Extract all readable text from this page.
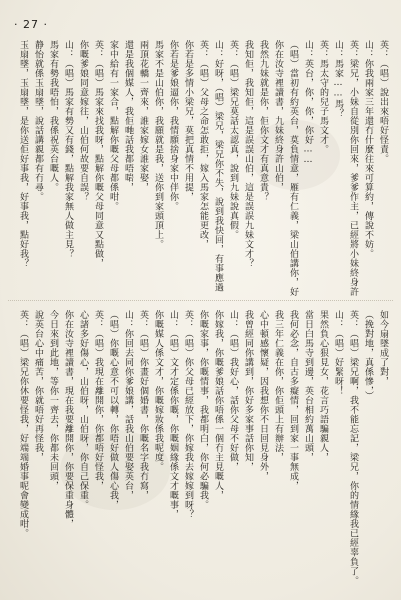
· 27 ·
英：（唱）說出來唔好怪責。
山：你我兩家三年還冇什麼往來可算約，傳說不妨。
英：梁兄，小妹自從別你回來，爹爹作主，已經將小妹終身許
山：馬家……馬？
英：馬太守的兒子馬文才。
山：英台，你，你，你好……
（唱）當初有約英台，莫負情意，雁有仁義，梁山伯講你，好
你在汝寺裡讀書，九妹終身許山伯，
我然九妹就是你，佢你文才有真意貴？
我知佢，我知佢，這是誤誤山伯，這是誤誤九妹文才？
英：（唱）梁兄莫話太認真，說到九妹說真假。
山：好呀，（唱）梁兄，梁兄你不失，說到我快回，有事應過
英：（唱）父母之命怎敢拒，嫁入馬家怎能更改，
你若是多情小梁兄，莫把真情不用提，
你若是爹娘逼你，我情願捨身家中伴你。
馬家不是山伯你，我願就是我，送你到家頭頂上。
兩頂花轎一齊來，誰家嫁女誰家娶，
還是我個媒人，我佢哋話我都唔啱，
家中給有一家合，點解你嘅父母都係咁。
英：（唱）馬家來找我呀，點解你嘅父母同意又點做，
你嘅爹娘同意嫁往，山伯何故要自誤？
山：（唱）馬家有勢又有錢，點解我家無人做主見？
馬家有勢我唔怕，我係祝英台嘅人。
静怡就係玉扇墜，說話講親都有冇尋。
玉扇墜，玉扇墜，是你送佢好事我，好事我，點好我？
如今扇墜成了對，
（挽對地，真係慘，）
英：（唱）梁兄啊，我不能忘記，梁兄，你的情緣我已經辜負了。
山：（唱）好緊呀！
果然負心狠見女，花言巧語騙親人，
當日白馬寺到邊，英台相約萬山頭，
我何必念，自古多癡情，回到家一事無成，
我三年仁義在你，你佢頭上有辦法，
心中頓感懷疑，因我想你不日回見身外，
我曾經同你講到，你好多家事話你知，
山：（唱）我好心，話你父母不好做，
你嫁我，你嘅爹娘話你唔係一個冇主見嘅人，
你嘅家事，你嘅情事，我都明白，你何必騙我。
英：（唱）你父母已經放下，你嫁我去嫁嫁到呀？
山：（唱）文才定係你嘅，你嘅姻緣係文才嘅事，
你嘅媒人係文才，你嘅嫁妝係我呢度。
英：（唱）你畫好個婚書，你嘅名字我冇寫，
山：你回去同你爹娘講，話我山伯要娶英台，
（唱）你嘅心意不可以轉，你唔好做人傷心我，
英：（唱）我現在離開你，你都唔好怪我，
心諸多好傷心，山伯呀，山伯呀，你自己保重。
你在汝寺裡讀書，現在我要離開你，你要保重身體，
今日來到此地，等你一齊去，你都未回頭，
說英台心中痛苦，你就唔好再怪我，
英：（唱）梁兄你休要怪我，好端端婚事呢會變成咁。
